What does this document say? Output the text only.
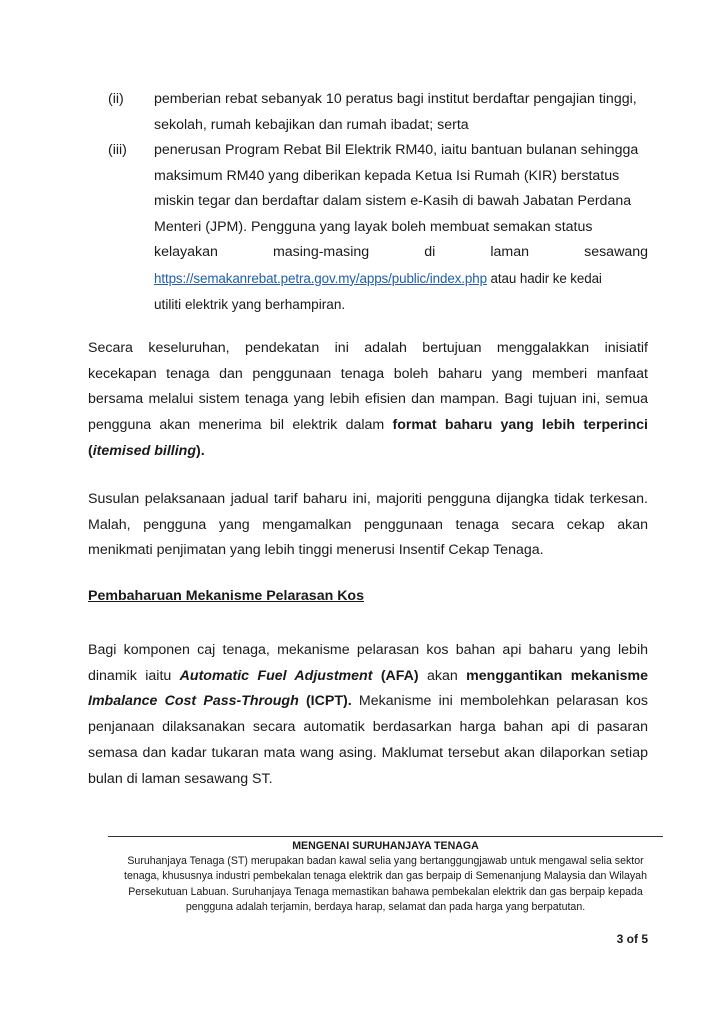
(ii) pemberian rebat sebanyak 10 peratus bagi institut berdaftar pengajian tinggi,
sekolah, rumah kebajikan dan rumah ibadat; serta
(iii) penerusan Program Rebat Bil Elektrik RM40, iaitu bantuan bulanan sehingga
maksimum RM40 yang diberikan kepada Ketua Isi Rumah (KIR) berstatus
miskin tegar dan berdaftar dalam sistem e-Kasih di bawah Jabatan Perdana
Menteri (JPM). Pengguna yang layak boleh membuat semakan status
kelayakan	masing-masing	di	laman	sesawang
https://semakanrebat.petra.gov.my/apps/public/index.php atau hadir ke kedai
utiliti elektrik yang berhampiran.
Secara keseluruhan, pendekatan ini adalah bertujuan menggalakkan inisiatif
kecekapan tenaga dan penggunaan tenaga boleh baharu yang memberi manfaat
bersama melalui sistem tenaga yang lebih efisien dan mampan. Bagi tujuan ini, semua
pengguna akan menerima bil elektrik dalam format baharu yang lebih terperinci
(itemised billing).
Susulan pelaksanaan jadual tarif baharu ini, majoriti pengguna dijangka tidak terkesan.
Malah, pengguna yang mengamalkan penggunaan tenaga secara cekap akan
menikmati penjimatan yang lebih tinggi menerusi Insentif Cekap Tenaga.
Pembaharuan Mekanisme Pelarasan Kos
Bagi komponen caj tenaga, mekanisme pelarasan kos bahan api baharu yang lebih
dinamik iaitu Automatic Fuel Adjustment (AFA) akan menggantikan mekanisme
Imbalance Cost Pass-Through (ICPT). Mekanisme ini membolehkan pelarasan kos
penjanaan dilaksanakan secara automatik berdasarkan harga bahan api di pasaran
semasa dan kadar tukaran mata wang asing. Maklumat tersebut akan dilaporkan setiap
bulan di laman sesawang ST.
MENGENAI SURUHANJAYA TENAGA
Suruhanjaya Tenaga (ST) merupakan badan kawal selia yang bertanggungjawab untuk mengawal selia sektor
tenaga, khususnya industri pembekalan tenaga elektrik dan gas berpaip di Semenanjung Malaysia dan Wilayah
Persekutuan Labuan. Suruhanjaya Tenaga memastikan bahawa pembekalan elektrik dan gas berpaip kepada
pengguna adalah terjamin, berdaya harap, selamat dan pada harga yang berpatutan.
3 of 5
